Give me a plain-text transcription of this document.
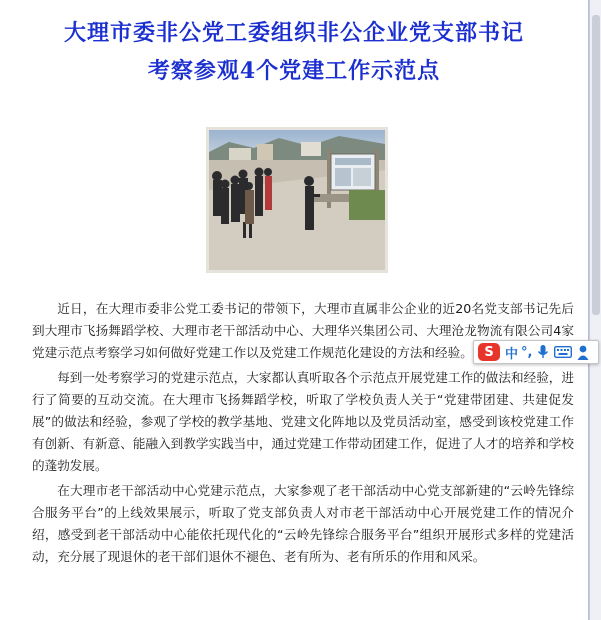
大理市委非公党工委组织非公企业党支部书记
考察参观4个党建工作示范点

近日，在大理市委非公党工委书记的带领下，大理市直属非公企业的近20名党支部书记先后到大理市飞扬舞蹈学校、大理市老干部活动中心、大理华兴集团公司、大理沧龙物流有限公司4家党建示范点考察学习如何做好党建工作以及党建工作规范化建设的方法和经验。

每到一处考察学习的党建示范点，大家都认真听取各个示范点开展党建工作的做法和经验，进行了简要的互动交流。在大理市飞扬舞蹈学校，听取了学校负责人关于“党建带团建、共建促发展”的做法和经验，参观了学校的教学基地、党建文化阵地以及党员活动室，感受到该校党建工作有创新、有新意、能融入到教学实践当中，通过党建工作带动团建工作，促进了人才的培养和学校的蓬勃发展。

在大理市老干部活动中心党建示范点，大家参观了老干部活动中心党支部新建的“云岭先锋综合服务平台”的上线效果展示，听取了党支部负责人对市老干部活动中心开展党建工作的情况介绍，感受到老干部活动中心能依托现代化的“云岭先锋综合服务平台”组织开展形式多样的党建活动，充分展了现退休的老干部们退休不褪色、老有所为、老有所乐的作用和风采。

S 中 °,
